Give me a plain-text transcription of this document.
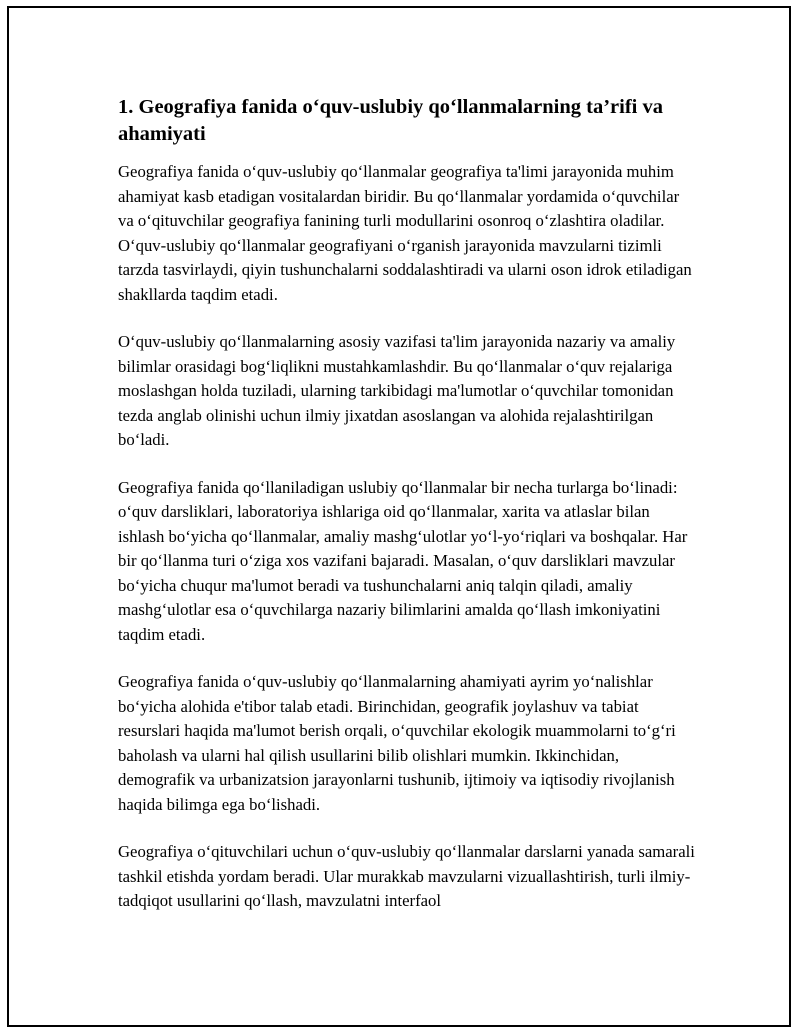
1. Geografiya fanida o‘quv-uslubiy qo‘llanmalarning ta’rifi va ahamiyati

Geografiya fanida o‘quv-uslubiy qo‘llanmalar geografiya ta'limi jarayonida muhim ahamiyat kasb etadigan vositalardan biridir. Bu qo‘llanmalar yordamida o‘quvchilar va o‘qituvchilar geografiya fanining turli modullarini osonroq o‘zlashtira oladilar. O‘quv-uslubiy qo‘llanmalar geografiyani o‘rganish jarayonida mavzularni tizimli tarzda tasvirlaydi, qiyin tushunchalarni soddalashtiradi va ularni oson idrok etiladigan shakllarda taqdim etadi.

O‘quv-uslubiy qo‘llanmalarning asosiy vazifasi ta'lim jarayonida nazariy va amaliy bilimlar orasidagi bog‘liqlikni mustahkamlashdir. Bu qo‘llanmalar o‘quv rejalariga moslashgan holda tuziladi, ularning tarkibidagi ma'lumotlar o‘quvchilar tomonidan tezda anglab olinishi uchun ilmiy jixatdan asoslangan va alohida rejalashtirilgan bo‘ladi.

Geografiya fanida qo‘llaniladigan uslubiy qo‘llanmalar bir necha turlarga bo‘linadi: o‘quv darsliklari, laboratoriya ishlariga oid qo‘llanmalar, xarita va atlaslar bilan ishlash bo‘yicha qo‘llanmalar, amaliy mashg‘ulotlar yo‘l-yo‘riqlari va boshqalar. Har bir qo‘llanma turi o‘ziga xos vazifani bajaradi. Masalan, o‘quv darsliklari mavzular bo‘yicha chuqur ma'lumot beradi va tushunchalarni aniq talqin qiladi, amaliy mashg‘ulotlar esa o‘quvchilarga nazariy bilimlarini amalda qo‘llash imkoniyatini taqdim etadi.

Geografiya fanida o‘quv-uslubiy qo‘llanmalarning ahamiyati ayrim yo‘nalishlar bo‘yicha alohida e'tibor talab etadi. Birinchidan, geografik joylashuv va tabiat resurslari haqida ma'lumot berish orqali, o‘quvchilar ekologik muammolarni to‘g‘ri baholash va ularni hal qilish usullarini bilib olishlari mumkin. Ikkinchidan, demografik va urbanizatsion jarayonlarni tushunib, ijtimoiy va iqtisodiy rivojlanish haqida bilimga ega bo‘lishadi.

Geografiya o‘qituvchilari uchun o‘quv-uslubiy qo‘llanmalar darslarni yanada samarali tashkil etishda yordam beradi. Ular murakkab mavzularni vizuallashtirish, turli ilmiy-tadqiqot usullarini qo‘llash, mavzulatni interfaol
